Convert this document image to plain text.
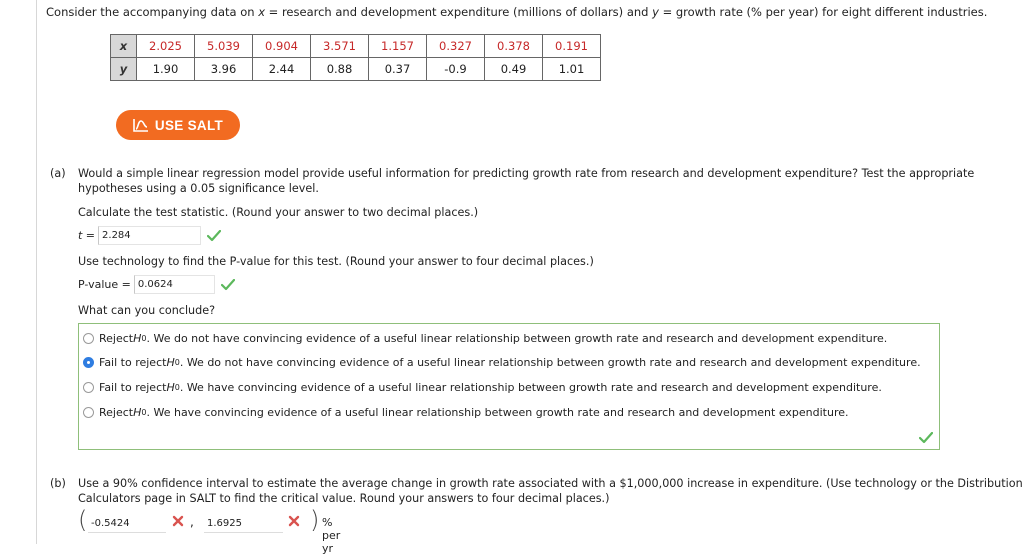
Consider the accompanying data on x = research and development expenditure (millions of dollars) and y = growth rate (% per year) for eight different industries.
x	2.025	5.039	0.904	3.571	1.157	0.327	0.378	0.191
y	1.90	3.96	2.44	0.88	0.37	-0.9	0.49	1.01
USE SALT
(a) Would a simple linear regression model provide useful information for predicting growth rate from research and development expenditure? Test the appropriate hypotheses using a 0.05 significance level.
Calculate the test statistic. (Round your answer to two decimal places.)
t = 2.284
Use technology to find the P-value for this test. (Round your answer to four decimal places.)
P-value = 0.0624
What can you conclude?
Reject H 0 . We do not have convincing evidence of a useful linear relationship between growth rate and research and development expenditure.
Fail to reject H 0 . We do not have convincing evidence of a useful linear relationship between growth rate and research and development expenditure.
Fail to reject H 0 . We have convincing evidence of a useful linear relationship between growth rate and research and development expenditure.
Reject H 0 . We have convincing evidence of a useful linear relationship between growth rate and research and development expenditure.
(b) Use a 90% confidence interval to estimate the average change in growth rate associated with a $1,000,000 increase in expenditure. (Use technology or the Distribution Calculators page in SALT to find the critical value. Round your answers to four decimal places.)
( -0.5424	,	1.6925	) % per yr
